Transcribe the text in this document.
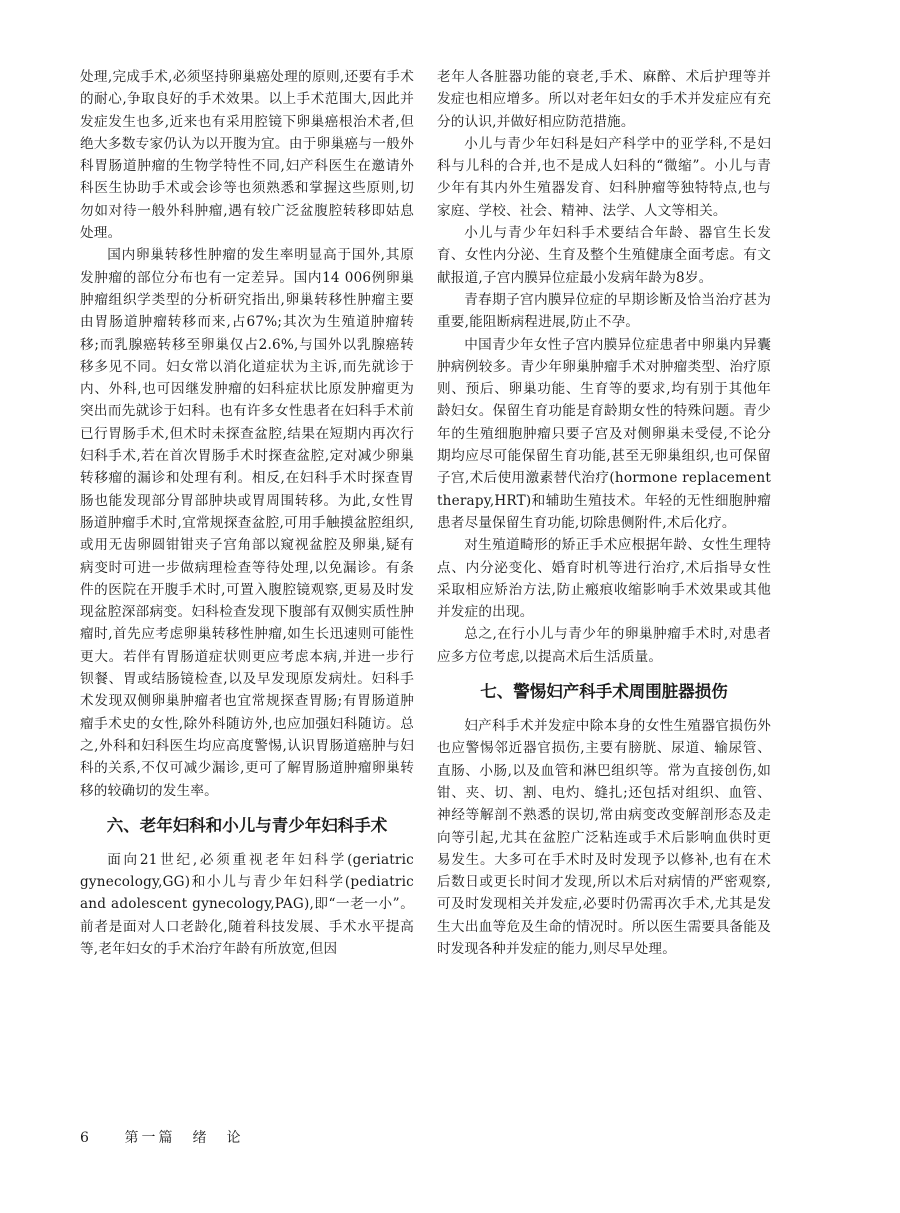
处理,完成手术,必须坚持卵巢癌处理的原则,还要有手术的耐心,争取良好的手术效果。以上手术范围大,因此并发症发生也多,近来也有采用腔镜下卵巢癌根治术者,但绝大多数专家仍认为以开腹为宜。由于卵巢癌与一般外科胃肠道肿瘤的生物学特性不同,妇产科医生在邀请外科医生协助手术或会诊等也须熟悉和掌握这些原则,切勿如对待一般外科肿瘤,遇有较广泛盆腹腔转移即姑息处理。

国内卵巢转移性肿瘤的发生率明显高于国外,其原发肿瘤的部位分布也有一定差异。国内14 006例卵巢肿瘤组织学类型的分析研究指出,卵巢转移性肿瘤主要由胃肠道肿瘤转移而来,占67%;其次为生殖道肿瘤转移;而乳腺癌转移至卵巢仅占2.6%,与国外以乳腺癌转移多见不同。妇女常以消化道症状为主诉,而先就诊于内、外科,也可因继发肿瘤的妇科症状比原发肿瘤更为突出而先就诊于妇科。也有许多女性患者在妇科手术前已行胃肠手术,但术时未探查盆腔,结果在短期内再次行妇科手术,若在首次胃肠手术时探查盆腔,定对减少卵巢转移瘤的漏诊和处理有利。相反,在妇科手术时探查胃肠也能发现部分胃部肿块或胃周围转移。为此,女性胃肠道肿瘤手术时,宜常规探查盆腔,可用手触摸盆腔组织,或用无齿卵圆钳钳夹子宫角部以窥视盆腔及卵巢,疑有病变时可进一步做病理检查等待处理,以免漏诊。有条件的医院在开腹手术时,可置入腹腔镜观察,更易及时发现盆腔深部病变。妇科检查发现下腹部有双侧实质性肿瘤时,首先应考虑卵巢转移性肿瘤,如生长迅速则可能性更大。若伴有胃肠道症状则更应考虑本病,并进一步行钡餐、胃或结肠镜检查,以及早发现原发病灶。妇科手术发现双侧卵巢肿瘤者也宜常规探查胃肠;有胃肠道肿瘤手术史的女性,除外科随访外,也应加强妇科随访。总之,外科和妇科医生均应高度警惕,认识胃肠道癌肿与妇科的关系,不仅可减少漏诊,更可了解胃肠道肿瘤卵巢转移的较确切的发生率。

六、老年妇科和小儿与青少年妇科手术

面向21世纪,必须重视老年妇科学(geriatric gynecology,GG)和小儿与青少年妇科学(pediatric and adolescent gynecology,PAG),即“一老一小”。前者是面对人口老龄化,随着科技发展、手术水平提高等,老年妇女的手术治疗年龄有所放宽,但因

老年人各脏器功能的衰老,手术、麻醉、术后护理等并发症也相应增多。所以对老年妇女的手术并发症应有充分的认识,并做好相应防范措施。

小儿与青少年妇科是妇产科学中的亚学科,不是妇科与儿科的合并,也不是成人妇科的“微缩”。小儿与青少年有其内外生殖器发育、妇科肿瘤等独特特点,也与家庭、学校、社会、精神、法学、人文等相关。

小儿与青少年妇科手术要结合年龄、器官生长发育、女性内分泌、生育及整个生殖健康全面考虑。有文献报道,子宫内膜异位症最小发病年龄为8岁。

青春期子宫内膜异位症的早期诊断及恰当治疗甚为重要,能阻断病程进展,防止不孕。

中国青少年女性子宫内膜异位症患者中卵巢内异囊肿病例较多。青少年卵巢肿瘤手术对肿瘤类型、治疗原则、预后、卵巢功能、生育等的要求,均有别于其他年龄妇女。保留生育功能是育龄期女性的特殊问题。青少年的生殖细胞肿瘤只要子宫及对侧卵巢未受侵,不论分期均应尽可能保留生育功能,甚至无卵巢组织,也可保留子宫,术后使用激素替代治疗(hormone replacement therapy,HRT)和辅助生殖技术。年轻的无性细胞肿瘤患者尽量保留生育功能,切除患侧附件,术后化疗。

对生殖道畸形的矫正手术应根据年龄、女性生理特点、内分泌变化、婚育时机等进行治疗,术后指导女性采取相应矫治方法,防止瘢痕收缩影响手术效果或其他并发症的出现。

总之,在行小儿与青少年的卵巢肿瘤手术时,对患者应多方位考虑,以提高术后生活质量。

七、警惕妇产科手术周围脏器损伤

妇产科手术并发症中除本身的女性生殖器官损伤外也应警惕邻近器官损伤,主要有膀胱、尿道、输尿管、直肠、小肠,以及血管和淋巴组织等。常为直接创伤,如钳、夹、切、割、电灼、缝扎;还包括对组织、血管、神经等解剖不熟悉的误切,常由病变改变解剖形态及走向等引起,尤其在盆腔广泛粘连或手术后影响血供时更易发生。大多可在手术时及时发现予以修补,也有在术后数日或更长时间才发现,所以术后对病情的严密观察,可及时发现相关并发症,必要时仍需再次手术,尤其是发生大出血等危及生命的情况时。所以医生需要具备能及时发现各种并发症的能力,则尽早处理。

6	第一篇　绪　论
